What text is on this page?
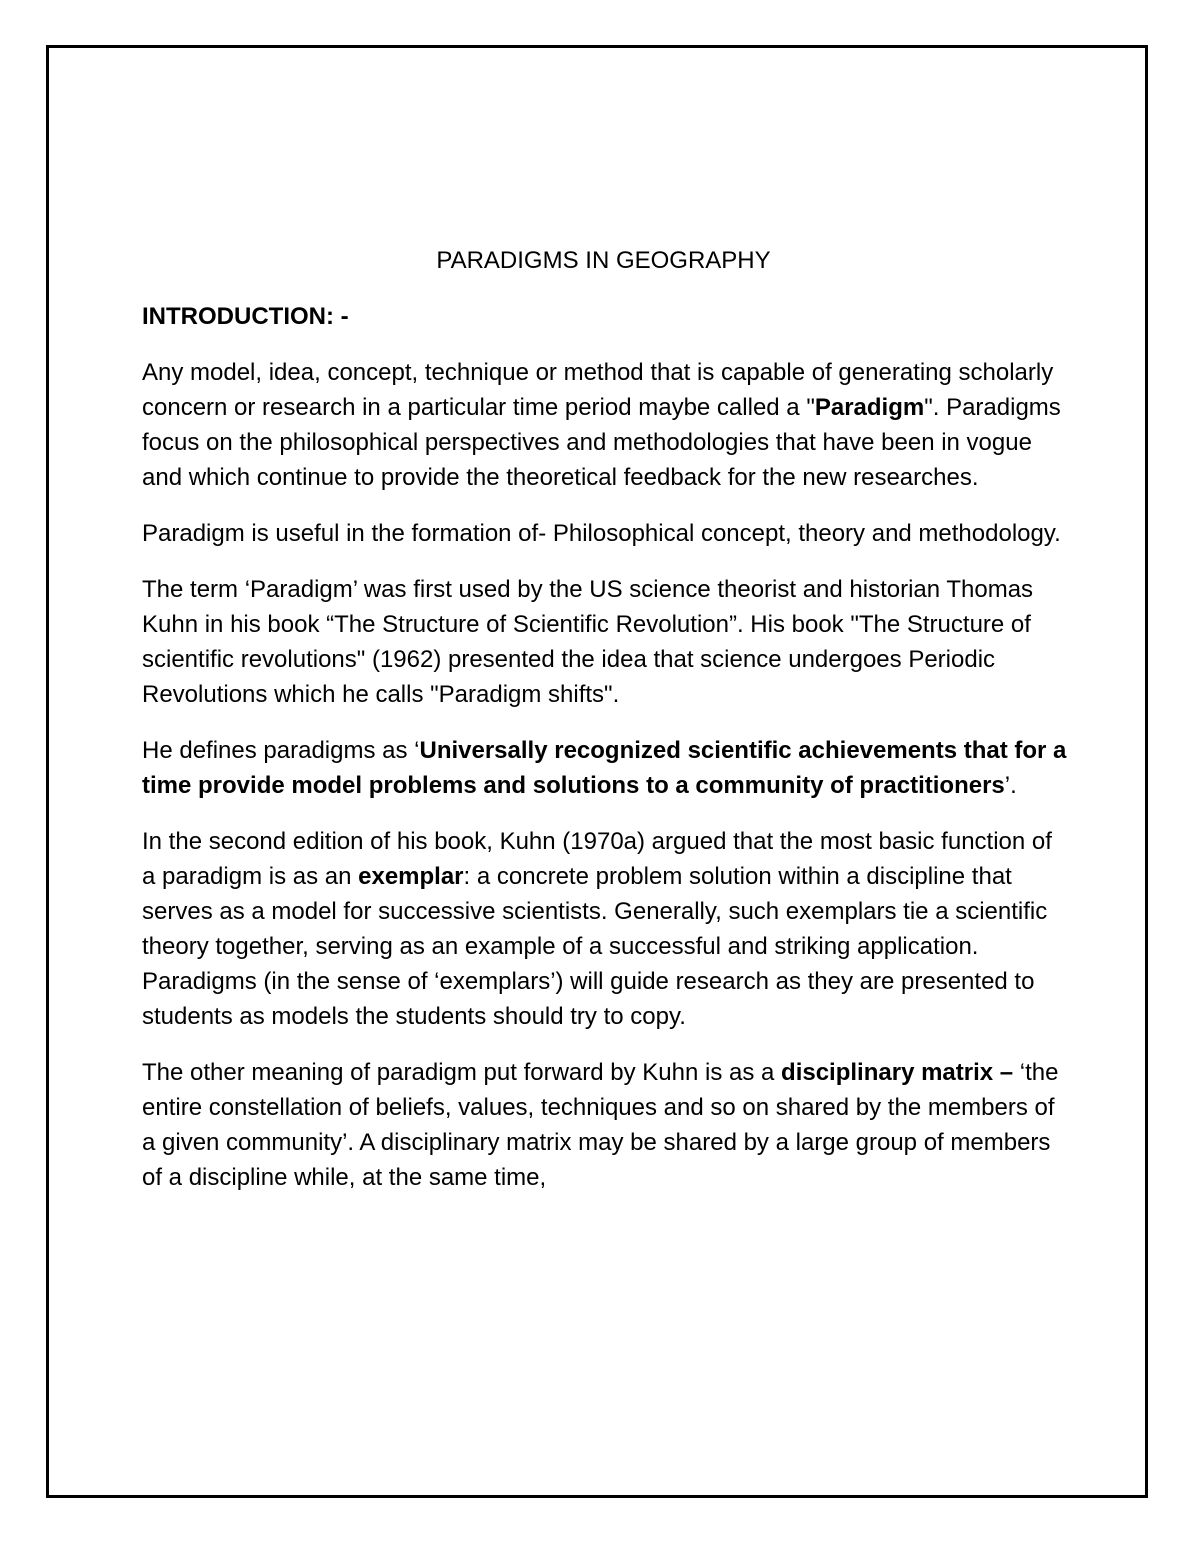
PARADIGMS IN GEOGRAPHY
INTRODUCTION: -

Any model, idea, concept, technique or method that is capable of generating scholarly concern or research in a particular time period maybe called a "Paradigm". Paradigms focus on the philosophical perspectives and methodologies that have been in vogue and which continue to provide the theoretical feedback for the new researches.

Paradigm is useful in the formation of- Philosophical concept, theory and methodology.

The term ‘Paradigm’ was first used by the US science theorist and historian Thomas Kuhn in his book “The Structure of Scientific Revolution”. His book "The Structure of scientific revolutions" (1962) presented the idea that science undergoes Periodic Revolutions which he calls "Paradigm shifts".

He defines paradigms as ‘Universally recognized scientific achievements that for a time provide model problems and solutions to a community of practitioners’.

In the second edition of his book, Kuhn (1970a) argued that the most basic function of a paradigm is as an exemplar: a concrete problem solution within a discipline that serves as a model for successive scientists. Generally, such exemplars tie a scientific theory together, serving as an example of a successful and striking application. Paradigms (in the sense of ‘exemplars’) will guide research as they are presented to students as models the students should try to copy.

The other meaning of paradigm put forward by Kuhn is as a disciplinary matrix – ‘the entire constellation of beliefs, values, techniques and so on shared by the members of a given community’. A disciplinary matrix may be shared by a large group of members of a discipline while, at the same time,
